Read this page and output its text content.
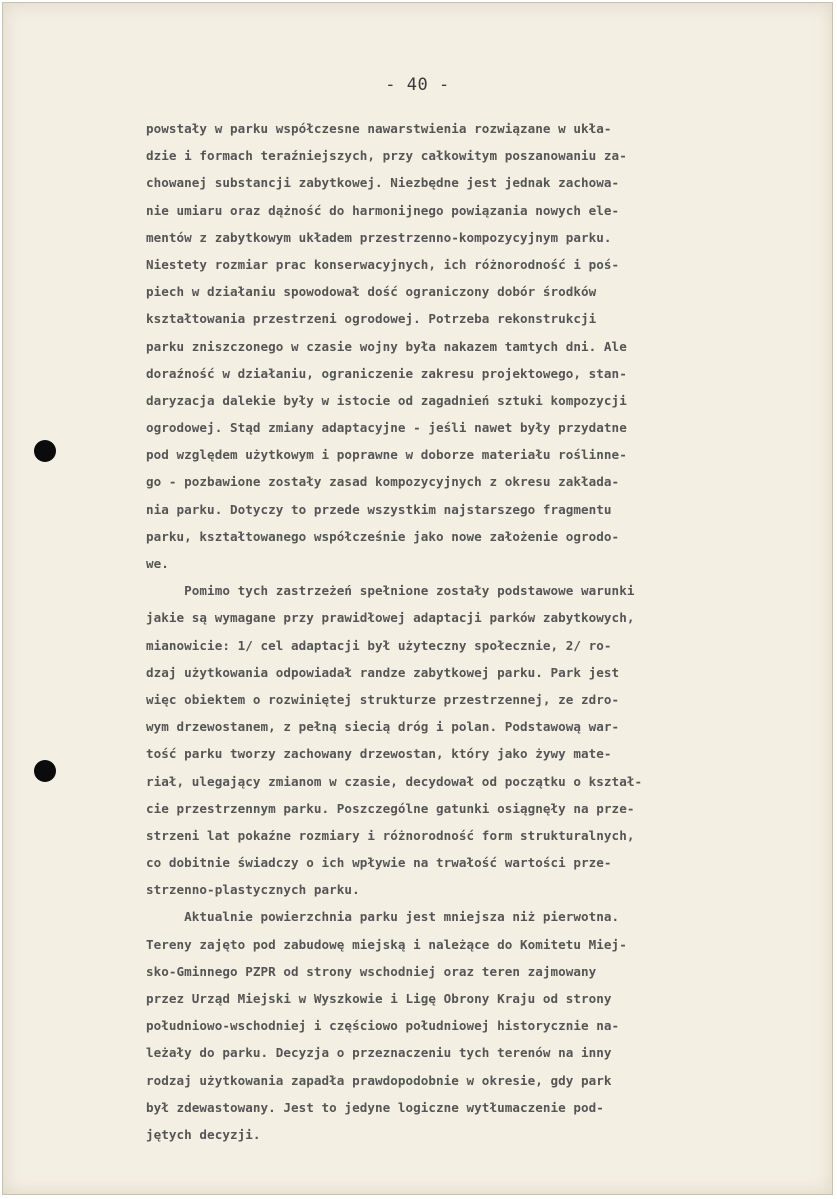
- 40 -
powstały w parku współczesne nawarstwienia rozwiązane w ukła-
dzie i formach teraźniejszych, przy całkowitym poszanowaniu za-
chowanej substancji zabytkowej. Niezbędne jest jednak zachowa-
nie umiaru oraz dążność do harmonijnego powiązania nowych ele-
mentów z zabytkowym układem przestrzenno-kompozycyjnym parku.
Niestety rozmiar prac konserwacyjnych, ich różnorodność i poś-
piech w działaniu spowodował dość ograniczony dobór środków
kształtowania przestrzeni ogrodowej. Potrzeba rekonstrukcji
parku zniszczonego w czasie wojny była nakazem tamtych dni. Ale
doraźność w działaniu, ograniczenie zakresu projektowego, stan-
daryzacja dalekie były w istocie od zagadnień sztuki kompozycji
ogrodowej. Stąd zmiany adaptacyjne - jeśli nawet były przydatne
pod względem użytkowym i poprawne w doborze materiału roślinne-
go - pozbawione zostały zasad kompozycyjnych z okresu zakłada-
nia parku. Dotyczy to przede wszystkim najstarszego fragmentu
parku, kształtowanego współcześnie jako nowe założenie ogrodo-
we.
Pomimo tych zastrzeżeń spełnione zostały podstawowe warunki
jakie są wymagane przy prawidłowej adaptacji parków zabytkowych,
mianowicie: 1/ cel adaptacji był użyteczny społecznie, 2/ ro-
dzaj użytkowania odpowiadał randze zabytkowej parku. Park jest
więc obiektem o rozwiniętej strukturze przestrzennej, ze zdro-
wym drzewostanem, z pełną siecią dróg i polan. Podstawową war-
tość parku tworzy zachowany drzewostan, który jako żywy mate-
riał, ulegający zmianom w czasie, decydował od początku o kształ-
cie przestrzennym parku. Poszczególne gatunki osiągnęły na prze-
strzeni lat pokaźne rozmiary i różnorodność form strukturalnych,
co dobitnie świadczy o ich wpływie na trwałość wartości prze-
strzenno-plastycznych parku.
Aktualnie powierzchnia parku jest mniejsza niż pierwotna.
Tereny zajęto pod zabudowę miejską i należące do Komitetu Miej-
sko-Gminnego PZPR od strony wschodniej oraz teren zajmowany
przez Urząd Miejski w Wyszkowie i Ligę Obrony Kraju od strony
południowo-wschodniej i częściowo południowej historycznie na-
leżały do parku. Decyzja o przeznaczeniu tych terenów na inny
rodzaj użytkowania zapadła prawdopodobnie w okresie, gdy park
był zdewastowany. Jest to jedyne logiczne wytłumaczenie pod-
jętych decyzji.
